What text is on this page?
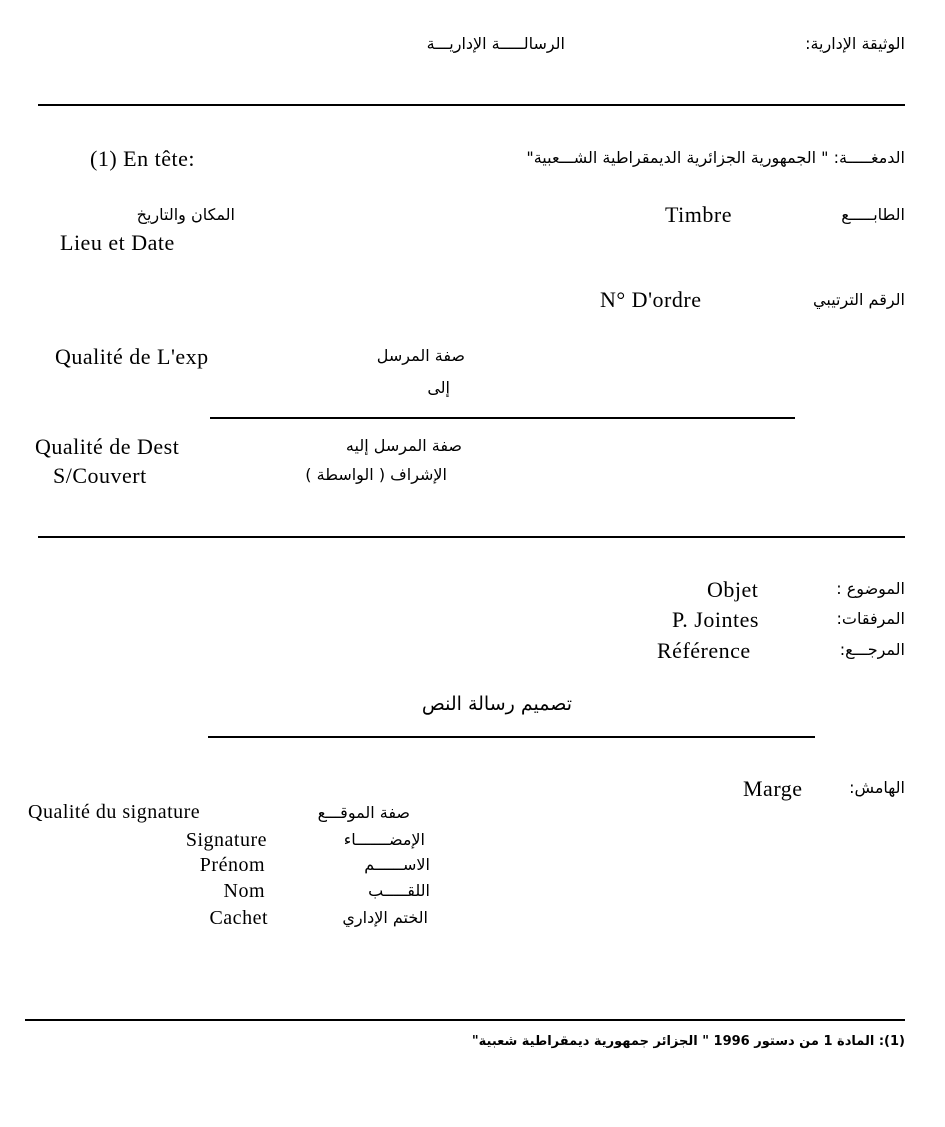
الوثيقة الإدارية:
الرسالـــــة الإداريـــة
الدمغـــــة: " الجمهورية الجزائرية الديمقراطية الشـــعبية"
(1) En tête:
الطابـــــع
Timbre
المكان والتاريخ
Lieu et Date
الرقم الترتيبي
N° D'ordre
صفة المرسل
Qualité de L'exp
إلى
صفة المرسل إليه
Qualité de Dest
الإشراف ( الواسطة )
S/Couvert
الموضوع :
Objet
المرفقات:
P. Jointes
المرجـــع:
Référence
تصميم رسالة النص
الهامش:
Marge
صفة الموقـــع
Qualité du signature
الإمضـــــــاء
Signature
الاســــــم
Prénom
اللقـــــب
Nom
الختم الإداري
Cachet
(1): المادة 1 من دستور 1996 " الجزائر جمهورية ديمقراطية شعبية"
